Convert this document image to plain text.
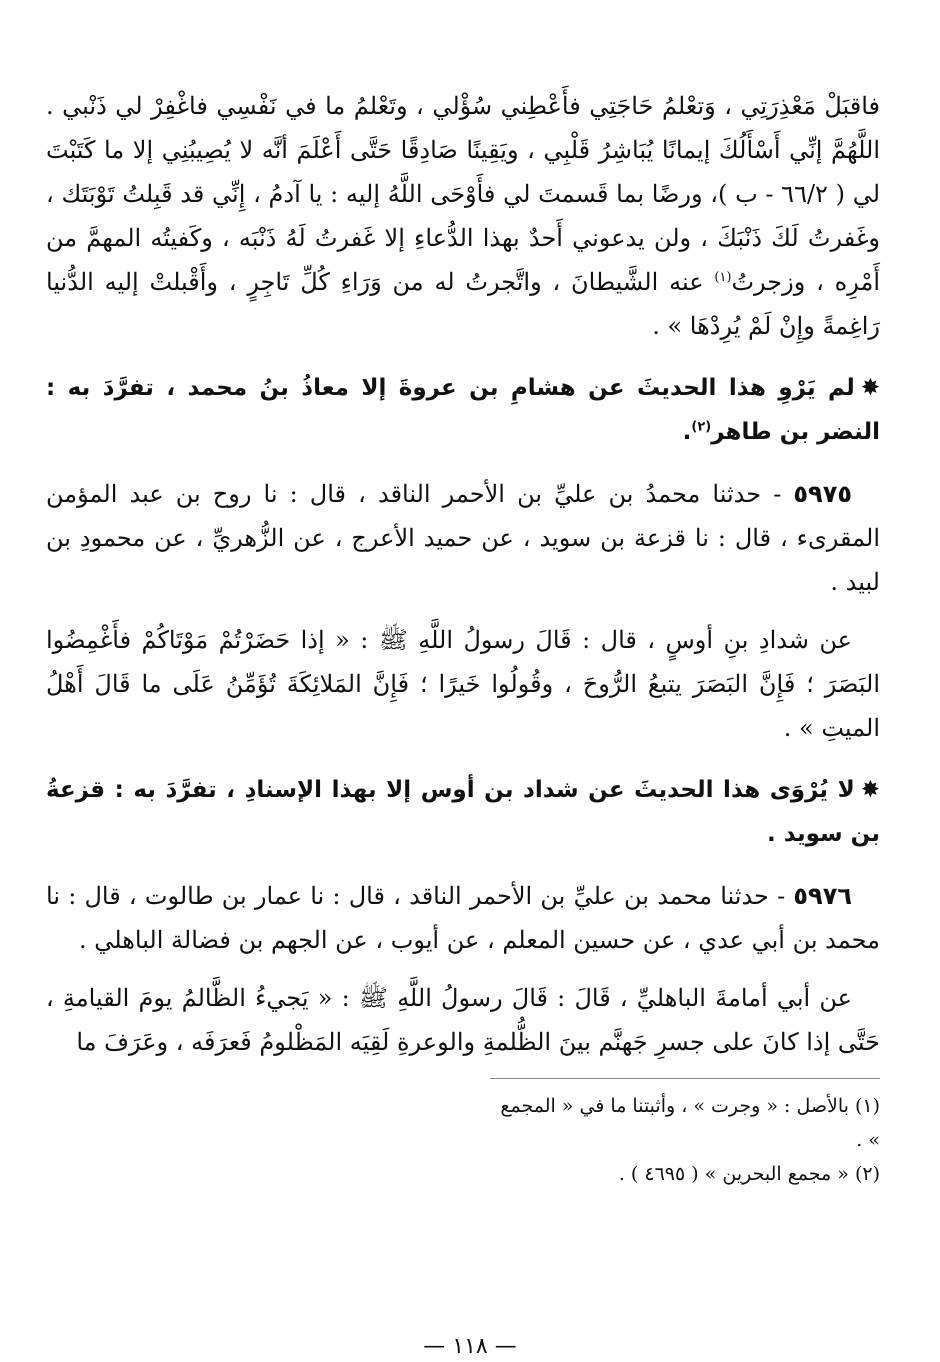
فاقبَلْ مَعْذِرَتِي ، وَتعْلمُ حَاجَتِي فأَعْطِني سُؤْلي ، وتَعْلمُ ما في نَفْسِي فاغْفِرْ لي ذَنْبي . اللَّهُمَّ إنِّي أَسْأَلُكَ إيمانًا يُبَاشِرُ قَلْبِي ، ويَقِينًا صَادِقًا حَتَّى أَعْلَمَ أنَّه لا يُصِيبُنِي إلا ما كَتَبْتَ لي ( ٦٦/٢ - ب )، ورضًا بما قَسمتَ لي فأَوْحَى اللَّهُ إليه : يا آدمُ ، إِنِّي قد قَبِلتُ تَوْبَتَك ، وغَفرتُ لَكَ ذَنْبَكَ ، ولن يدعوني أَحدٌ بهذا الدُّعاءِ إلا غَفرتُ لَهُ ذَنْبَه ، وكَفيتُه المهمَّ من أَمْرِه ، وزجرتُ$^{(١)}$ عنه الشَّيطانَ ، واتَّجرتُ له من وَرَاءِ كُلِّ تَاجِرٍ ، وأَقْبلتْ إليه الدُّنيا رَاغِمةً وإِنْ لَمْ يُرِدْهَا » .

✸لم يَرْوِ هذا الحديثَ عن هشامِ بن عروةَ إلا معاذُ بنُ محمد ، تفرَّدَ به : النضر بن طاهر$^{(٢)}$.

٥٩٧٥ - حدثنا محمدُ بن عليِّ بن الأحمر الناقد ، قال : نا روح بن عبد المؤمن المقرىء ، قال : نا قزعة بن سويد ، عن حميد الأعرج ، عن الزُّهريِّ ، عن محمودِ بن لبيد .

عن شدادِ بنِ أوسٍ ، قال : قَالَ رسولُ اللَّهِ ﷺ : « إذا حَضَرْتُمْ مَوْتَاكُمْ فأَغْمِضُوا البَصَرَ ؛ فَإِنَّ البَصَرَ يتبعُ الرُّوحَ ، وقُولُوا خَيرًا ؛ فَإِنَّ المَلائِكَةَ تُؤَمِّنُ عَلَى ما قَالَ أَهْلُ الميتِ » .

✸لا يُرْوَى هذا الحديثَ عن شداد بن أوس إلا بهذا الإسنادِ ، تفرَّدَ به : قزعةُ بن سويد .

٥٩٧٦ - حدثنا محمد بن عليِّ بن الأحمر الناقد ، قال : نا عمار بن طالوت ، قال : نا محمد بن أبي عدي ، عن حسين المعلم ، عن أيوب ، عن الجهم بن فضالة الباهلي .

عن أبي أمامةَ الباهليِّ ، قَالَ : قَالَ رسولُ اللَّهِ ﷺ : « يَجيءُ الظَّالمُ يومَ القيامةِ ، حَتَّى إذا كانَ على جسرِ جَهنَّم بينَ الظُّلمةِ والوعرةِ لَقِيَه المَظْلومُ فَعرَفَه ، وعَرَفَ ما

(١) بالأصل : « وجرت » ، وأثبتنا ما في « المجمع » .

(٢) « مجمع البحرين » ( ٤٦٩٥ ) .

— ١١٨ —
